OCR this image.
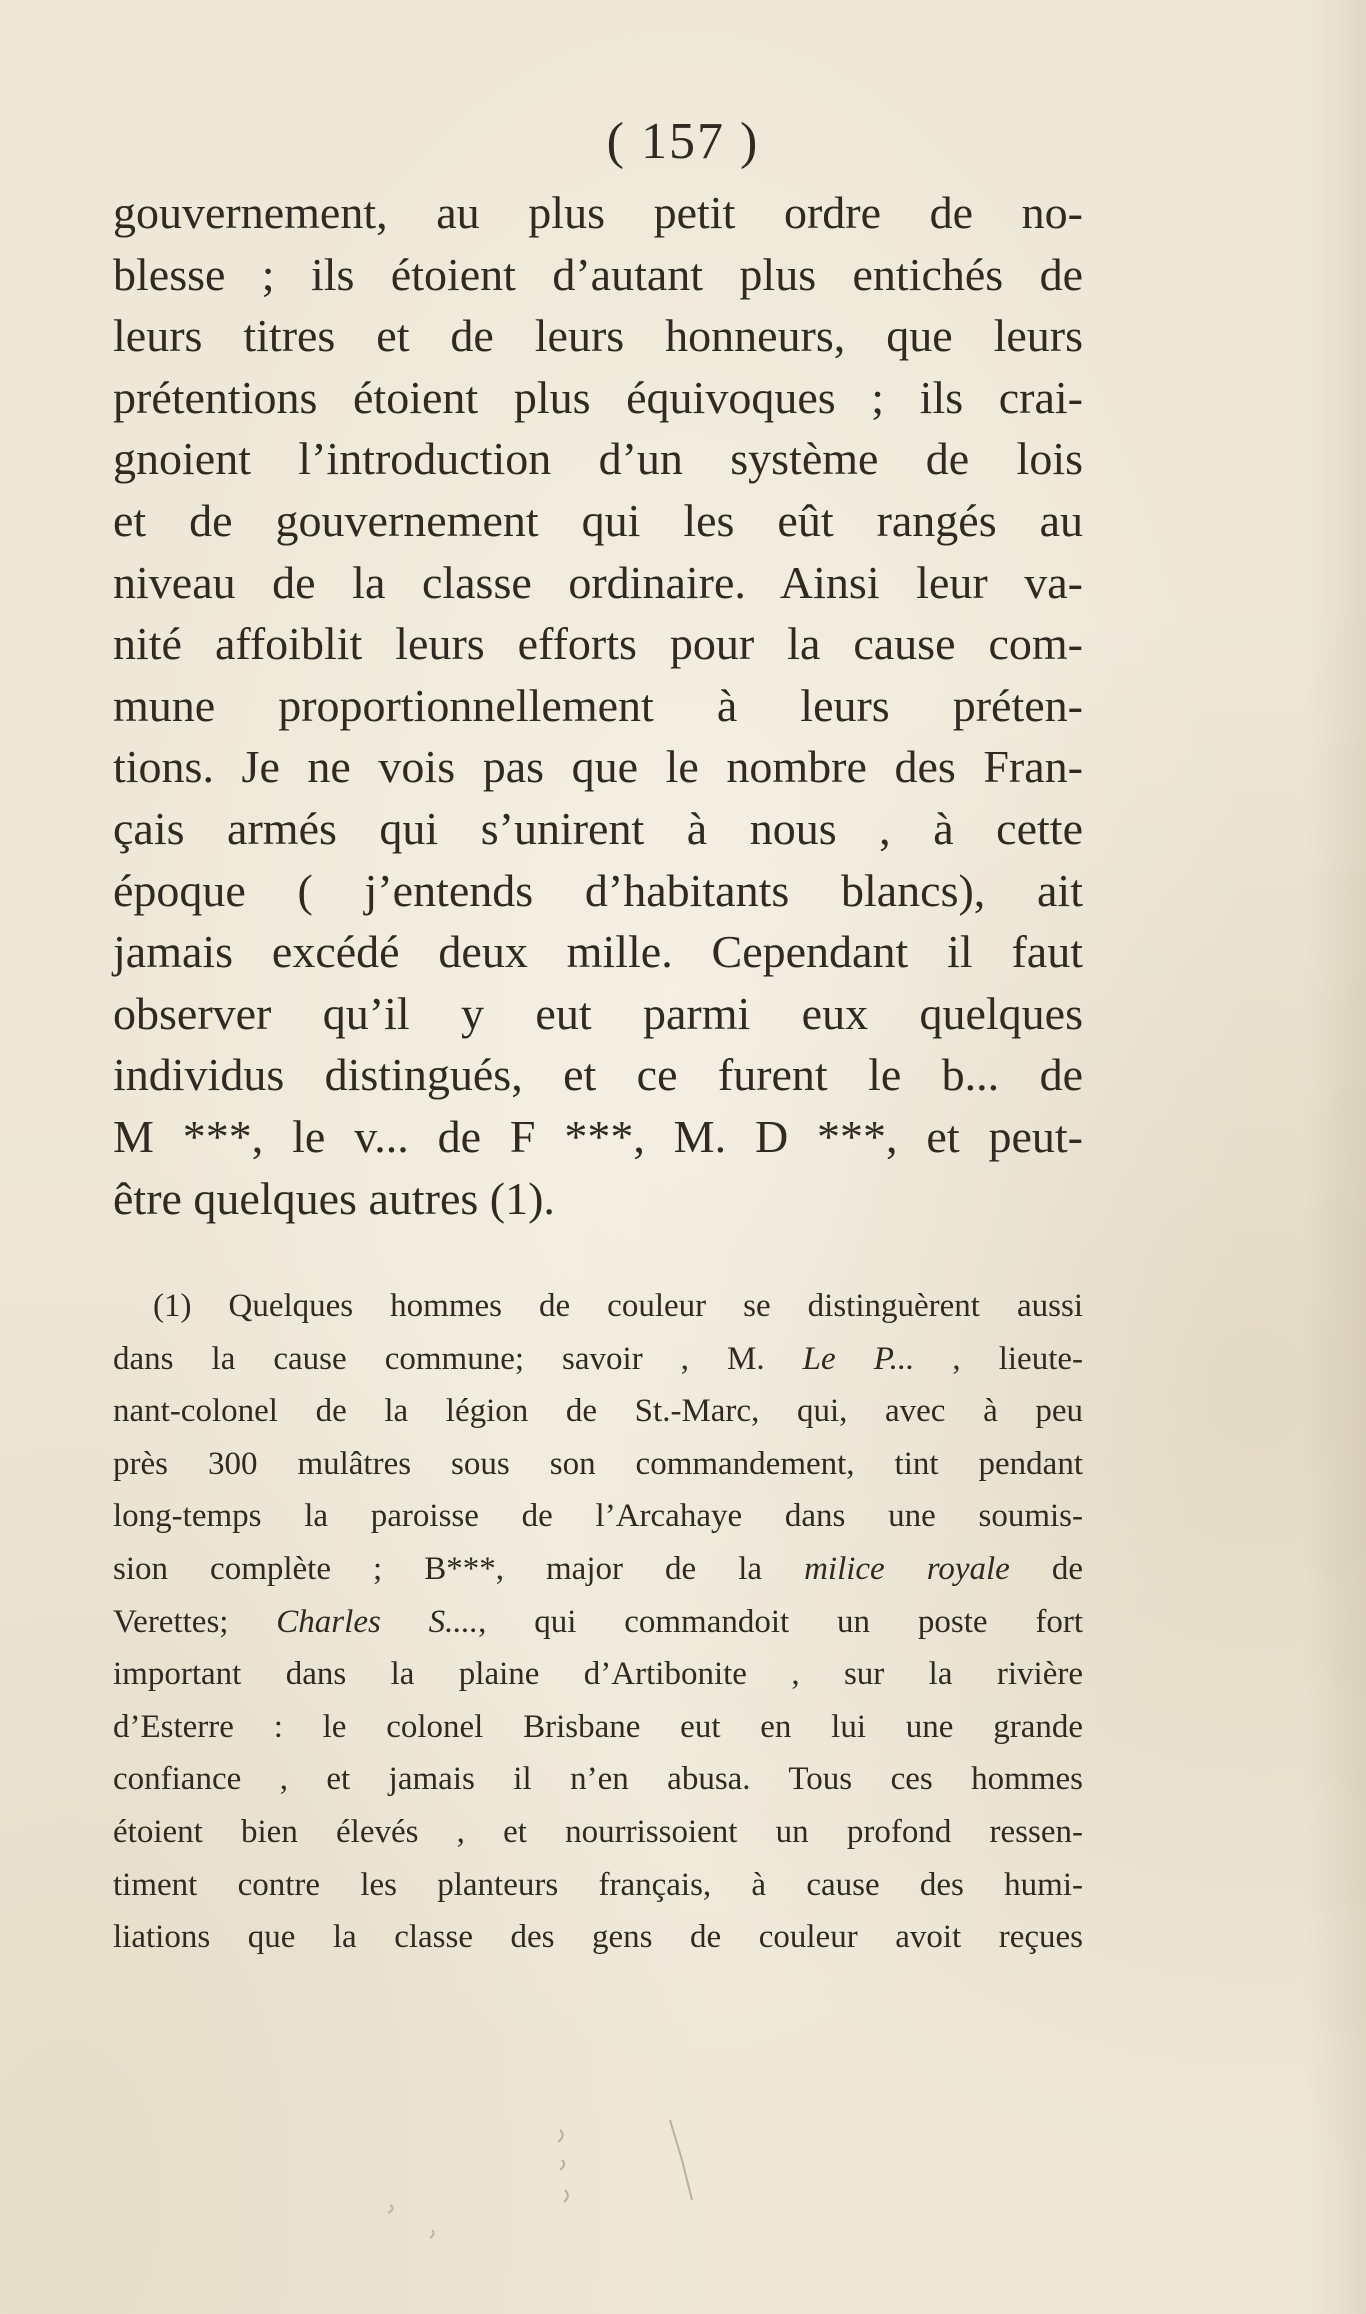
( 157 )
gouvernement, au plus petit ordre de no-
blesse ; ils étoient d’autant plus entichés de
leurs titres et de leurs honneurs, que leurs
prétentions étoient plus équivoques ; ils crai-
gnoient l’introduction d’un système de lois
et de gouvernement qui les eût rangés au
niveau de la classe ordinaire. Ainsi leur va-
nité affoiblit leurs efforts pour la cause com-
mune proportionnellement à leurs préten-
tions. Je ne vois pas que le nombre des Fran-
çais armés qui s’unirent à nous , à cette
époque ( j’entends d’habitants blancs), ait
jamais excédé deux mille. Cependant il faut
observer qu’il y eut parmi eux quelques
individus distingués, et ce furent le b... de
M ***, le v... de F ***, M. D ***, et peut-
être quelques autres (1).
(1) Quelques hommes de couleur se distinguèrent aussi
dans la cause commune; savoir , M. Le P... , lieute-
nant-colonel de la légion de St.-Marc, qui, avec à peu
près 300 mulâtres sous son commandement, tint pendant
long-temps la paroisse de l’Arcahaye dans une soumis-
sion complète ; B***, major de la milice royale de
Verettes; Charles S...., qui commandoit un poste fort
important dans la plaine d’Artibonite , sur la rivière
d’Esterre : le colonel Brisbane eut en lui une grande
confiance , et jamais il n’en abusa. Tous ces hommes
étoient bien élevés , et nourrissoient un profond ressen-
timent contre les planteurs français, à cause des humi-
liations que la classe des gens de couleur avoit reçues
